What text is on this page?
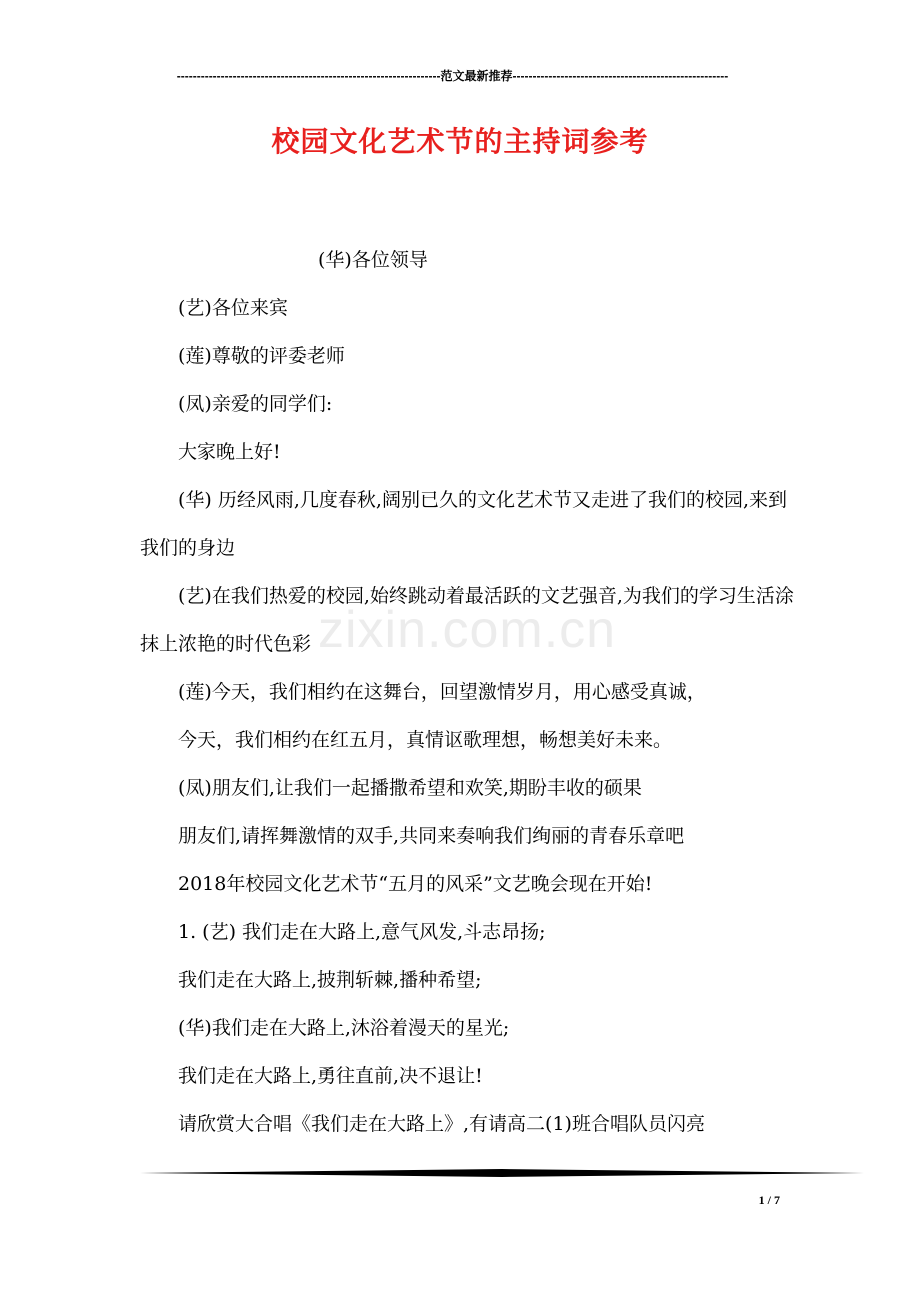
------------------------------------------------------------------范文最新推荐------------------------------------------------------
校园文化艺术节的主持词参考
zixin.com.cn

(华)各位领导

(艺)各位来宾

(莲)尊敬的评委老师

(凤)亲爱的同学们:

大家晚上好!

(华) 历经风雨,几度春秋,阔别已久的文化艺术节又走进了我们的校园,来到我们的身边

(艺)在我们热爱的校园,始终跳动着最活跃的文艺强音,为我们的学习生活涂抹上浓艳的时代色彩

(莲)今天，我们相约在这舞台，回望激情岁月，用心感受真诚，

今天，我们相约在红五月，真情讴歌理想，畅想美好未来。

(凤)朋友们,让我们一起播撒希望和欢笑,期盼丰收的硕果

朋友们,请挥舞激情的双手,共同来奏响我们绚丽的青春乐章吧

2018年校园文化艺术节“五月的风采”文艺晚会现在开始!

1. (艺) 我们走在大路上,意气风发,斗志昂扬;

我们走在大路上,披荆斩棘,播种希望;

(华)我们走在大路上,沐浴着漫天的星光;

我们走在大路上,勇往直前,决不退让!

请欣赏大合唱《我们走在大路上》,有请高二(1)班合唱队员闪亮

1 / 7
